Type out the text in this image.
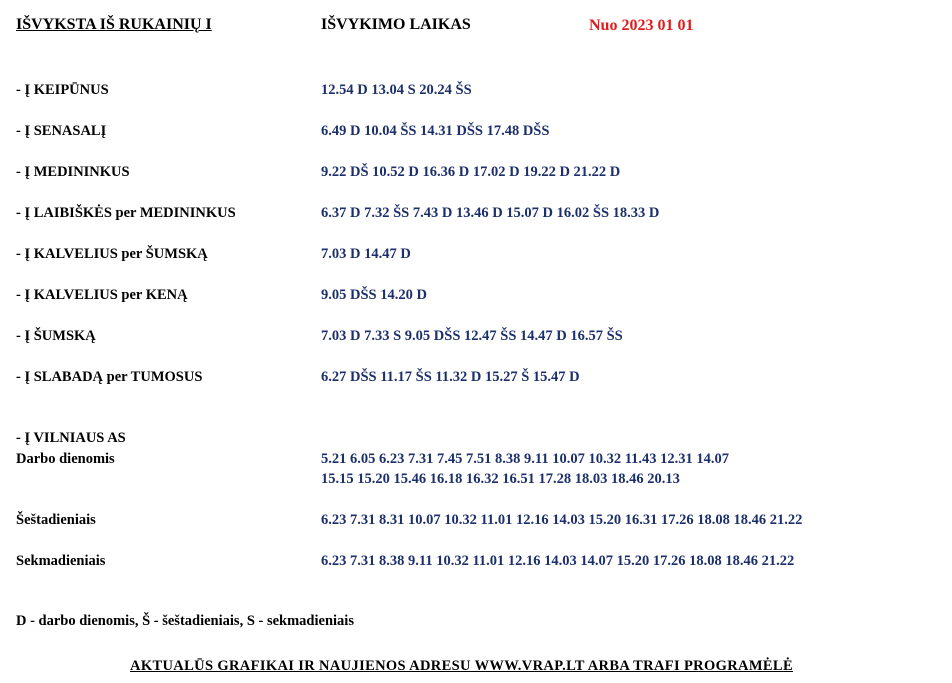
IŠVYKSTA IŠ RUKAINIŲ I	IŠVYKIMO LAIKAS	Nuo 2023 01 01
- Į KEIPŪNUS	12.54 D 13.04 S 20.24 ŠS
- Į SENASALĮ	6.49 D 10.04 ŠS 14.31 DŠS 17.48 DŠS
- Į MEDININKUS	9.22 DŠ 10.52 D 16.36 D 17.02 D 19.22 D 21.22 D
- Į LAIBIŠKĖS per MEDININKUS	6.37 D 7.32 ŠS 7.43 D 13.46 D 15.07 D 16.02 ŠS 18.33 D
- Į KALVELIUS per ŠUMSKĄ	7.03 D 14.47 D
- Į KALVELIUS per KENĄ	9.05 DŠS 14.20 D
- Į ŠUMSKĄ	7.03 D 7.33 S 9.05 DŠS 12.47 ŠS 14.47 D 16.57 ŠS
- Į SLABADĄ per TUMOSUS	6.27 DŠS 11.17 ŠS 11.32 D 15.27 Š 15.47 D
- Į VILNIAUS AS
Darbo dienomis	5.21 6.05 6.23 7.31 7.45 7.51 8.38 9.11 10.07 10.32 11.43 12.31 14.07
15.15 15.20 15.46 16.18 16.32 16.51 17.28 18.03 18.46 20.13
Šeštadieniais	6.23 7.31 8.31 10.07 10.32 11.01 12.16 14.03 15.20 16.31 17.26 18.08 18.46 21.22
Sekmadieniais	6.23 7.31 8.38 9.11 10.32 11.01 12.16 14.03 14.07 15.20 17.26 18.08 18.46 21.22
D - darbo dienomis, Š - šeštadieniais, S - sekmadieniais
AKTUALŪS GRAFIKAI IR NAUJIENOS ADRESU WWW.VRAP.LT ARBA TRAFI PROGRAMĖLĖ
